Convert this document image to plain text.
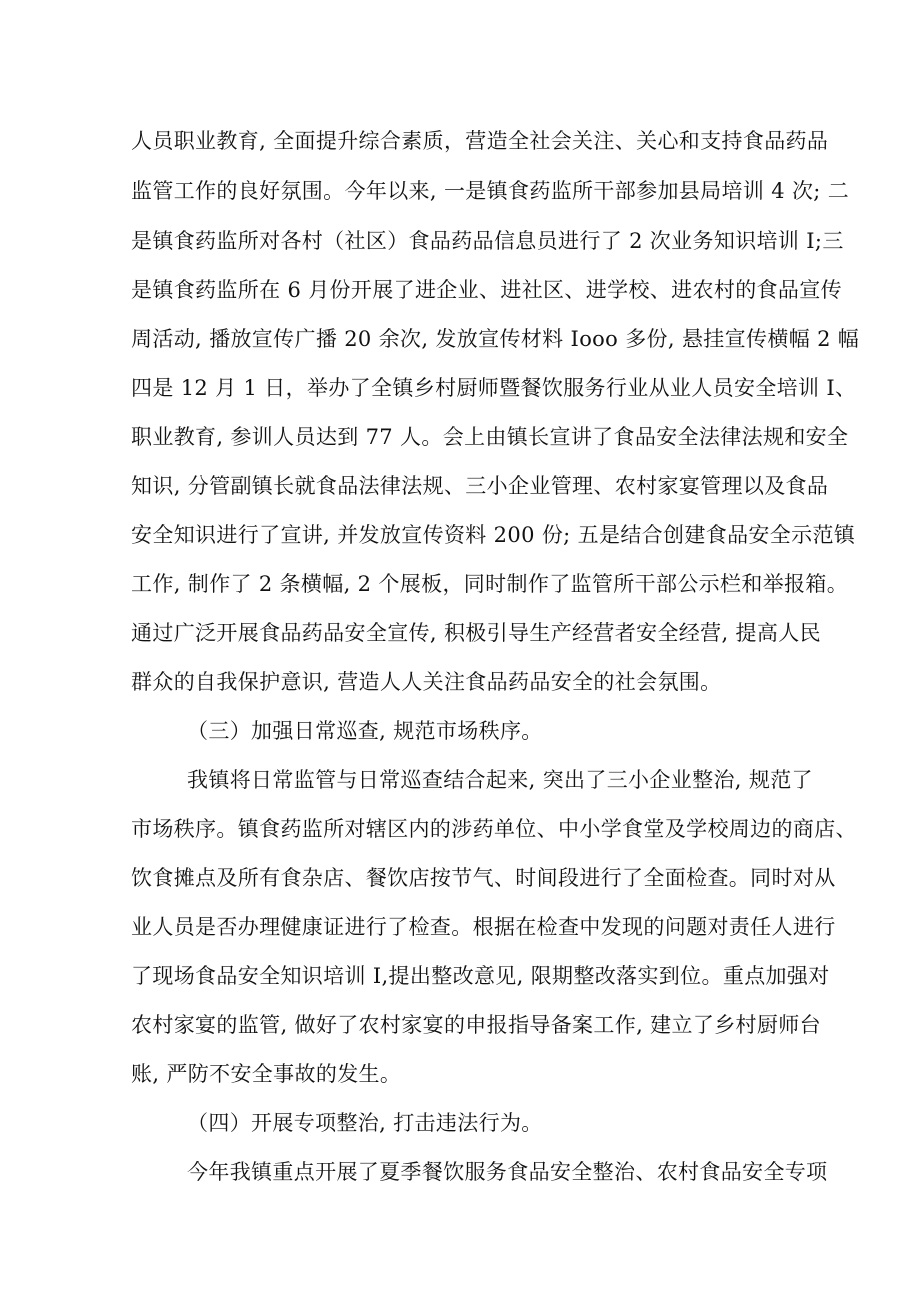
人员职业教育, 全面提升综合素质，营造全社会关注、关心和支持食品药品
监管工作的良好氛围。今年以来, 一是镇食药监所干部参加县局培训 4 次; 二
是镇食药监所对各村（社区）食品药品信息员进行了 2 次业务知识培训 I;三
是镇食药监所在 6 月份开展了进企业、进社区、进学校、进农村的食品宣传
周活动, 播放宣传广播 20 余次, 发放宣传材料 Iooo 多份, 悬挂宣传横幅 2 幅
四是 12 月 1 日，举办了全镇乡村厨师暨餐饮服务行业从业人员安全培训 I、
职业教育, 参训人员达到 77 人。会上由镇长宣讲了食品安全法律法规和安全
知识, 分管副镇长就食品法律法规、三小企业管理、农村家宴管理以及食品
安全知识进行了宣讲, 并发放宣传资料 200 份; 五是结合创建食品安全示范镇
工作, 制作了 2 条横幅, 2 个展板，同时制作了监管所干部公示栏和举报箱。
通过广泛开展食品药品安全宣传, 积极引导生产经营者安全经营, 提高人民
群众的自我保护意识, 营造人人关注食品药品安全的社会氛围。
（三）加强日常巡查, 规范市场秩序。
我镇将日常监管与日常巡查结合起来, 突出了三小企业整治, 规范了
市场秩序。镇食药监所对辖区内的涉药单位、中小学食堂及学校周边的商店、
饮食摊点及所有食杂店、餐饮店按节气、时间段进行了全面检查。同时对从
业人员是否办理健康证进行了检查。根据在检查中发现的问题对责任人进行
了现场食品安全知识培训 I,提出整改意见, 限期整改落实到位。重点加强对
农村家宴的监管, 做好了农村家宴的申报指导备案工作, 建立了乡村厨师台
账, 严防不安全事故的发生。
（四）开展专项整治, 打击违法行为。
今年我镇重点开展了夏季餐饮服务食品安全整治、农村食品安全专项
